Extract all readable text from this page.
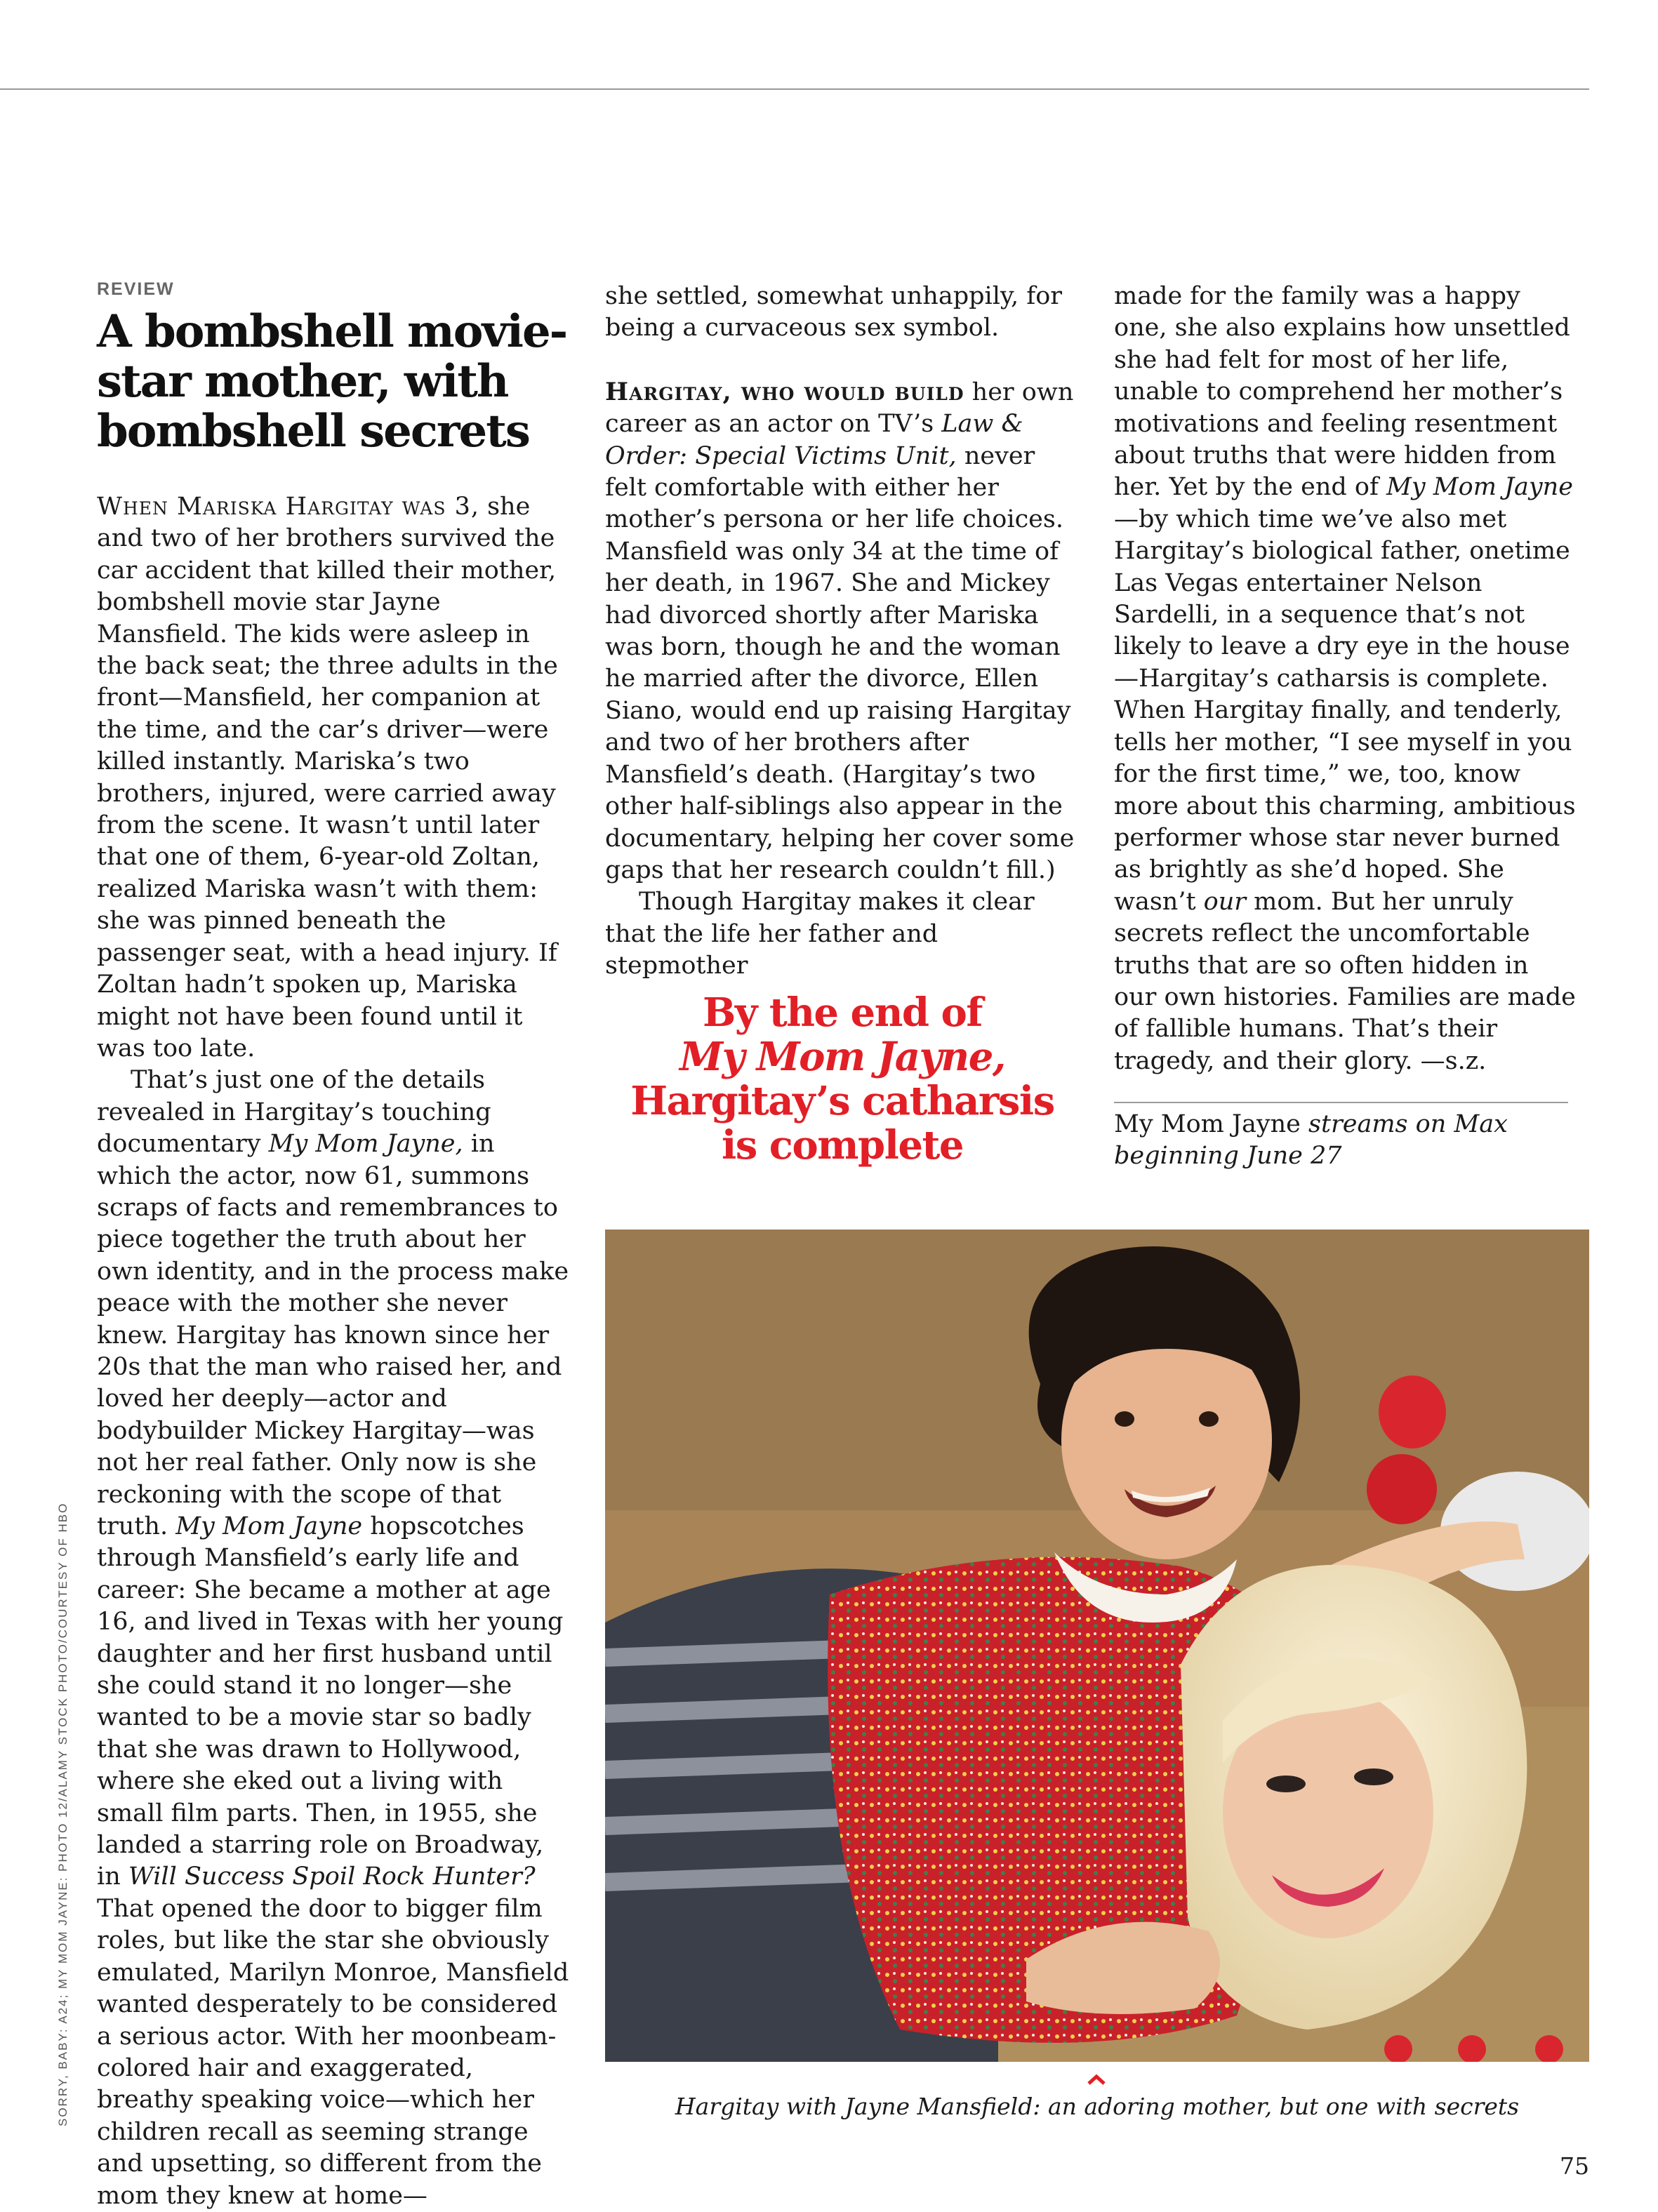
SORRY, BABY: A24; MY MOM JAYNE: PHOTO 12/ALAMY STOCK PHOTO/COURTESY OF HBO
REVIEW
A bombshell movie-star mother, with bombshell secrets

When Mariska Hargitay was 3, she and two of her brothers survived the car accident that killed their mother, bombshell movie star Jayne Mansfield. The kids were asleep in the back seat; the three adults in the front—Mansfield, her companion at the time, and the car’s driver—were killed instantly. Mariska’s two brothers, injured, were carried away from the scene. It wasn’t until later that one of them, 6-year-old Zoltan, realized Mariska wasn’t with them: she was pinned beneath the passenger seat, with a head injury. If Zoltan hadn’t spoken up, Mariska might not have been found until it was too late.

That’s just one of the details revealed in Hargitay’s touching documentary My Mom Jayne, in which the actor, now 61, summons scraps of facts and remembrances to piece together the truth about her own identity, and in the process make peace with the mother she never knew. Hargitay has known since her 20s that the man who raised her, and loved her deeply—actor and bodybuilder Mickey Hargitay—was not her real father. Only now is she reckoning with the scope of that truth. My Mom Jayne hopscotches through Mansfield’s early life and career: She became a mother at age 16, and lived in Texas with her young daughter and her first husband until she could stand it no longer—she wanted to be a movie star so badly that she was drawn to Hollywood, where she eked out a living with small film parts. Then, in 1955, she landed a starring role on Broadway, in Will Success Spoil Rock Hunter? That opened the door to bigger film roles, but like the star she obviously emulated, Marilyn Monroe, Mansfield wanted desperately to be considered a serious actor. With her moonbeam-colored hair and exaggerated, breathy speaking voice—which her children recall as seeming strange and upsetting, so different from the mom they knew at home—

she settled, somewhat unhappily, for being a curvaceous sex symbol.

Hargitay, who would build her own career as an actor on TV’s Law & Order: Special Victims Unit, never felt comfortable with either her mother’s persona or her life choices. Mansfield was only 34 at the time of her death, in 1967. She and Mickey had divorced shortly after Mariska was born, though he and the woman he married after the divorce, Ellen Siano, would end up raising Hargitay and two of her brothers after Mansfield’s death. (Hargitay’s two other half-siblings also appear in the documentary, helping her cover some gaps that her research couldn’t fill.)

Though Hargitay makes it clear that the life her father and stepmother

By the end of
My Mom Jayne,
Hargitay’s catharsis is complete

made for the family was a happy one, she also explains how unsettled she had felt for most of her life, unable to comprehend her mother’s motivations and feeling resentment about truths that were hidden from her. Yet by the end of My Mom Jayne—by which time we’ve also met Hargitay’s biological father, onetime Las Vegas entertainer Nelson Sardelli, in a sequence that’s not likely to leave a dry eye in the house—Hargitay’s catharsis is complete. When Hargitay finally, and tenderly, tells her mother, “I see myself in you for the first time,” we, too, know more about this charming, ambitious performer whose star never burned as brightly as she’d hoped. She wasn’t our mom. But her unruly secrets reflect the uncomfortable truths that are so often hidden in our own histories. Families are made of fallible humans. That’s their tragedy, and their glory. —s.z.

My Mom Jayne streams on Max beginning June 27
Hargitay with Jayne Mansfield: an adoring mother, but one with secrets
75
